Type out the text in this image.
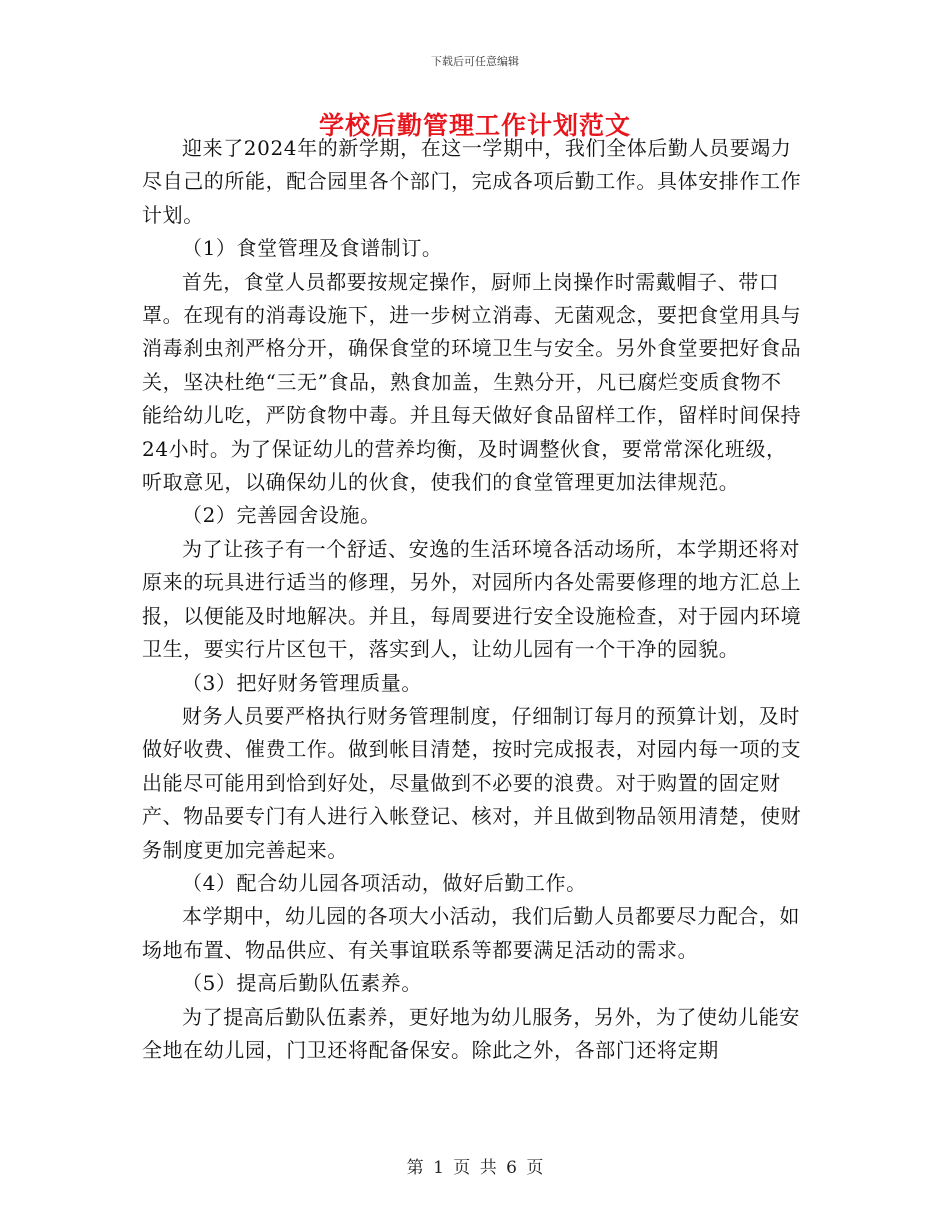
下载后可任意编辑
学校后勤管理工作计划范文

迎来了2024年的新学期，在这一学期中，我们全体后勤人员要竭力尽自己的所能，配合园里各个部门，完成各项后勤工作。具体安排作工作计划。

（1）食堂管理及食谱制订。

首先，食堂人员都要按规定操作，厨师上岗操作时需戴帽子、带口罩。在现有的消毒设施下，进一步树立消毒、无菌观念，要把食堂用具与消毒刹虫剂严格分开，确保食堂的环境卫生与安全。另外食堂要把好食品关，坚决杜绝“三无”食品，熟食加盖，生熟分开，凡已腐烂变质食物不能给幼儿吃，严防食物中毒。并且每天做好食品留样工作，留样时间保持24小时。为了保证幼儿的营养均衡，及时调整伙食，要常常深化班级，听取意见，以确保幼儿的伙食，使我们的食堂管理更加法律规范。

（2）完善园舍设施。

为了让孩子有一个舒适、安逸的生活环境各活动场所，本学期还将对原来的玩具进行适当的修理，另外，对园所内各处需要修理的地方汇总上报，以便能及时地解决。并且，每周要进行安全设施检查，对于园内环境卫生，要实行片区包干，落实到人，让幼儿园有一个干净的园貌。

（3）把好财务管理质量。

财务人员要严格执行财务管理制度，仔细制订每月的预算计划，及时做好收费、催费工作。做到帐目清楚，按时完成报表，对园内每一项的支出能尽可能用到恰到好处，尽量做到不必要的浪费。对于购置的固定财产、物品要专门有人进行入帐登记、核对，并且做到物品领用清楚，使财务制度更加完善起来。

（4）配合幼儿园各项活动，做好后勤工作。

本学期中，幼儿园的各项大小活动，我们后勤人员都要尽力配合，如场地布置、物品供应、有关事谊联系等都要满足活动的需求。

（5）提高后勤队伍素养。

为了提高后勤队伍素养，更好地为幼儿服务，另外，为了使幼儿能安全地在幼儿园，门卫还将配备保安。除此之外，各部门还将定期

第 1 页 共 6 页
